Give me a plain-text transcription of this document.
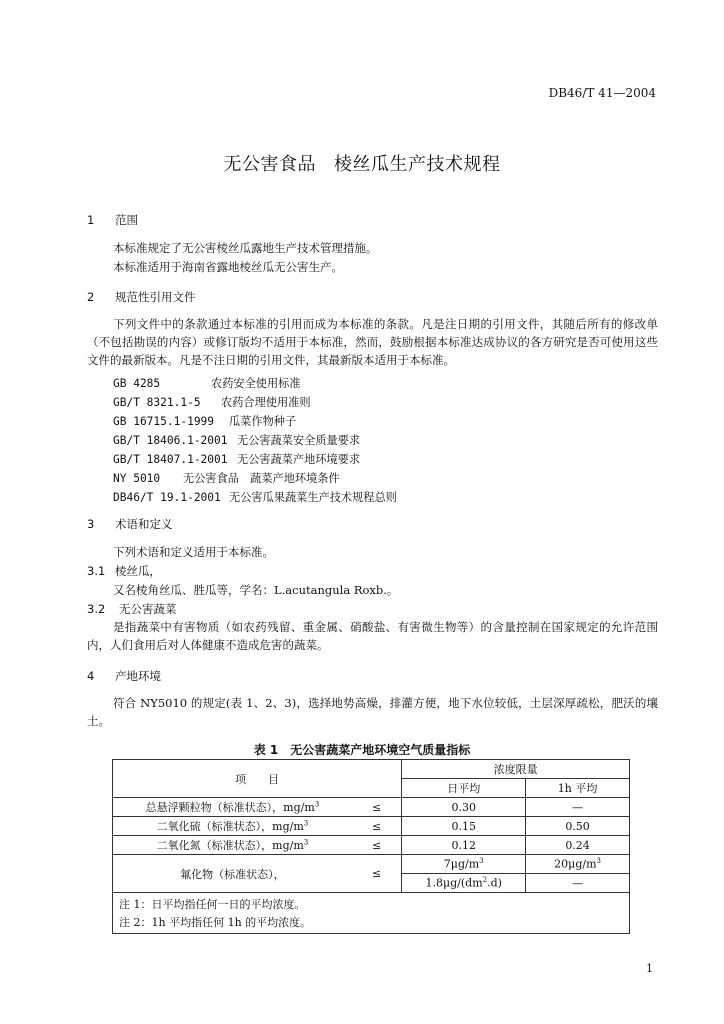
DB46/T 41—2004
无公害食品 棱丝瓜生产技术规程
1 范围
本标准规定了无公害棱丝瓜露地生产技术管理措施。
本标准适用于海南省露地棱丝瓜无公害生产。
2 规范性引用文件

下列文件中的条款通过本标准的引用而成为本标准的条款。凡是注日期的引用文件，其随后所有的修改单（不包括勘误的内容）或修订版均不适用于本标准，然而，鼓励根据本标准达成协议的各方研究是否可使用这些文件的最新版本。凡是不注日期的引用文件，其最新版本适用于本标准。

GB 4285	农药安全使用标准
GB/T 8321.1-5 农药合理使用准则
GB 16715.1-1999 瓜菜作物种子
GB/T 18406.1-2001 无公害蔬菜安全质量要求
GB/T 18407.1-2001 无公害蔬菜产地环境要求
NY 5010 无公害食品　蔬菜产地环境条件
DB46/T 19.1-2001 无公害瓜果蔬菜生产技术规程总则
3 术语和定义
下列术语和定义适用于本标准。
3.1 棱丝瓜，
又名棱角丝瓜、胜瓜等，学名：L.acutangula Roxb.。
3.2 无公害蔬菜

是指蔬菜中有害物质（如农药残留、重金属、硝酸盐、有害微生物等）的含量控制在国家规定的允许范围内，人们食用后对人体健康不造成危害的蔬菜。

4 产地环境

符合 NY5010 的规定(表 1、2、3)，选择地势高燥，排灌方便，地下水位较低，土层深厚疏松，肥沃的壤土。

表 1　无公害蔬菜产地环境空气质量指标
项　　目		浓度限量	
		日平均	1h 平均
总悬浮颗粒物（标准状态），$mg/m^3$	≤	0.30	—
二氧化硫（标准状态），$mg/m^3$	≤	0.15	0.50
二氧化氮（标准状态），$mg/m^3$	≤	0.12	0.24
氟化物（标准状态），	≤	$7\mu g/m^3$	$20\mu g/m^3$
		$1.8\mu g/(dm^2.d)$	—
注 1：日平均指任何一日的平均浓度。			
注 2：1h 平均指任何 1h 的平均浓度。			
1
